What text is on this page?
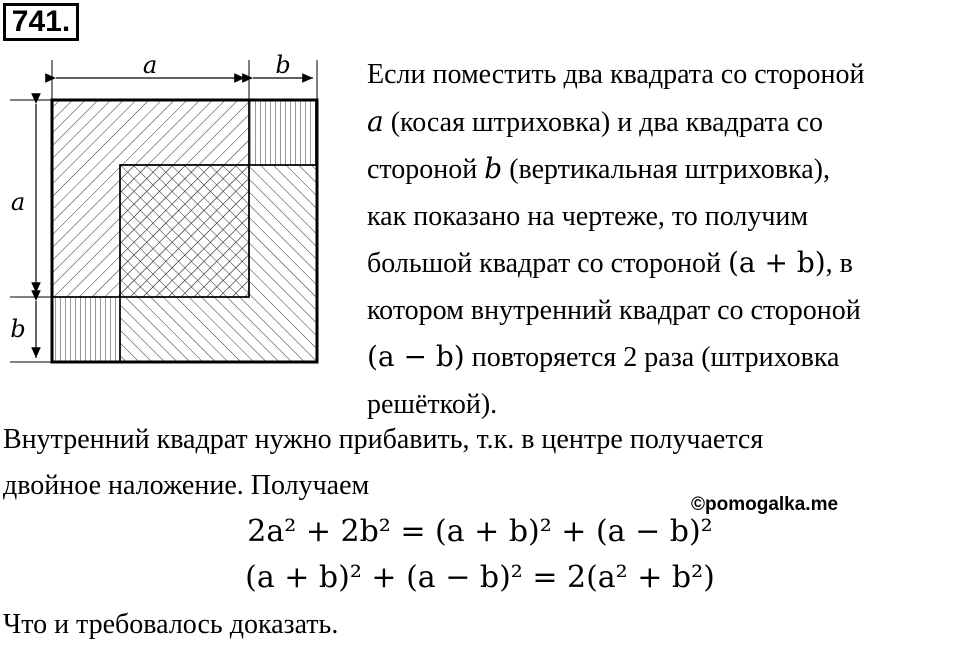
741.
a	b
a
b
Если поместить два квадрата со стороной
a (косая штриховка) и два квадрата со
стороной b (вертикальная штриховка),
как показано на чертеже, то получим
большой квадрат со стороной (a + b), в
котором внутренний квадрат со стороной
(a − b) повторяется 2 раза (штриховка
решёткой).
Внутренний квадрат нужно прибавить, т.к. в центре получается
двойное наложение. Получаем
©pomogalka.me
2a² + 2b² = (a + b)² + (a − b)²
(a + b)² + (a − b)² = 2(a² + b²)
Что и требовалось доказать.
